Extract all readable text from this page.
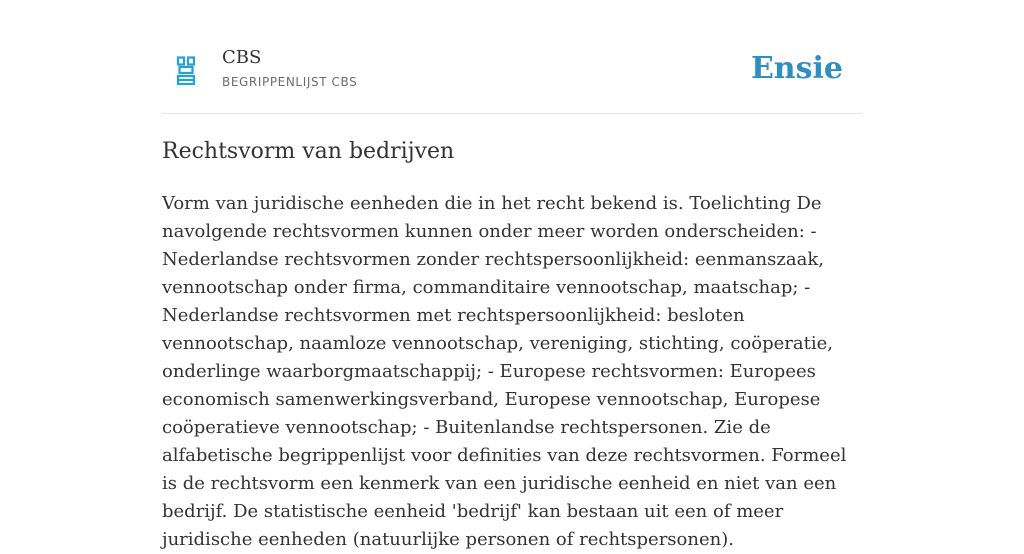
CBS
BEGRIPPENLIJST CBS	Ensie
Rechtsvorm van bedrijven

Vorm van juridische eenheden die in het recht bekend is. Toelichting De navolgende rechtsvormen kunnen onder meer worden onderscheiden: - Nederlandse rechtsvormen zonder rechtspersoonlijkheid: eenmanszaak, vennootschap onder firma, commanditaire vennootschap, maatschap; - Nederlandse rechtsvormen met rechtspersoonlijkheid: besloten vennootschap, naamloze vennootschap, vereniging, stichting, coöperatie, onderlinge waarborgmaatschappij; - Europese rechtsvormen: Europees economisch samenwerkingsverband, Europese vennootschap, Europese coöperatieve vennootschap; - Buitenlandse rechtspersonen. Zie de alfabetische begrippenlijst voor definities van deze rechtsvormen. Formeel is de rechtsvorm een kenmerk van een juridische eenheid en niet van een bedrijf. De statistische eenheid 'bedrijf' kan bestaan uit een of meer juridische eenheden (natuurlijke personen of rechtspersonen).
